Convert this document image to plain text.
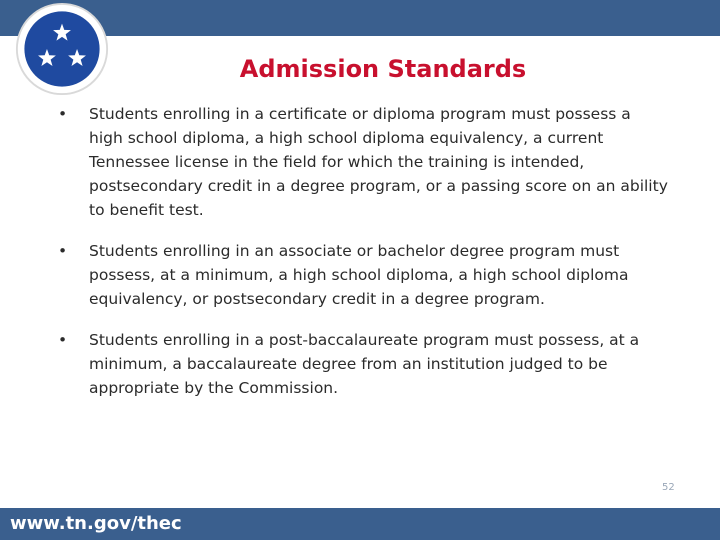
Admission Standards
•	Students enrolling in a certificate or diploma program must possess a high school diploma, a high school diploma equivalency, a current Tennessee license in the field for which the training is intended, postsecondary credit in a degree program, or a passing score on an ability to benefit test.
•	Students enrolling in an associate or bachelor degree program must possess, at a minimum, a high school diploma, a high school diploma equivalency, or postsecondary credit in a degree program.
•	Students enrolling in a post-baccalaureate program must possess, at a minimum, a baccalaureate degree from an institution judged to be appropriate by the Commission.
52
www.tn.gov/thec
